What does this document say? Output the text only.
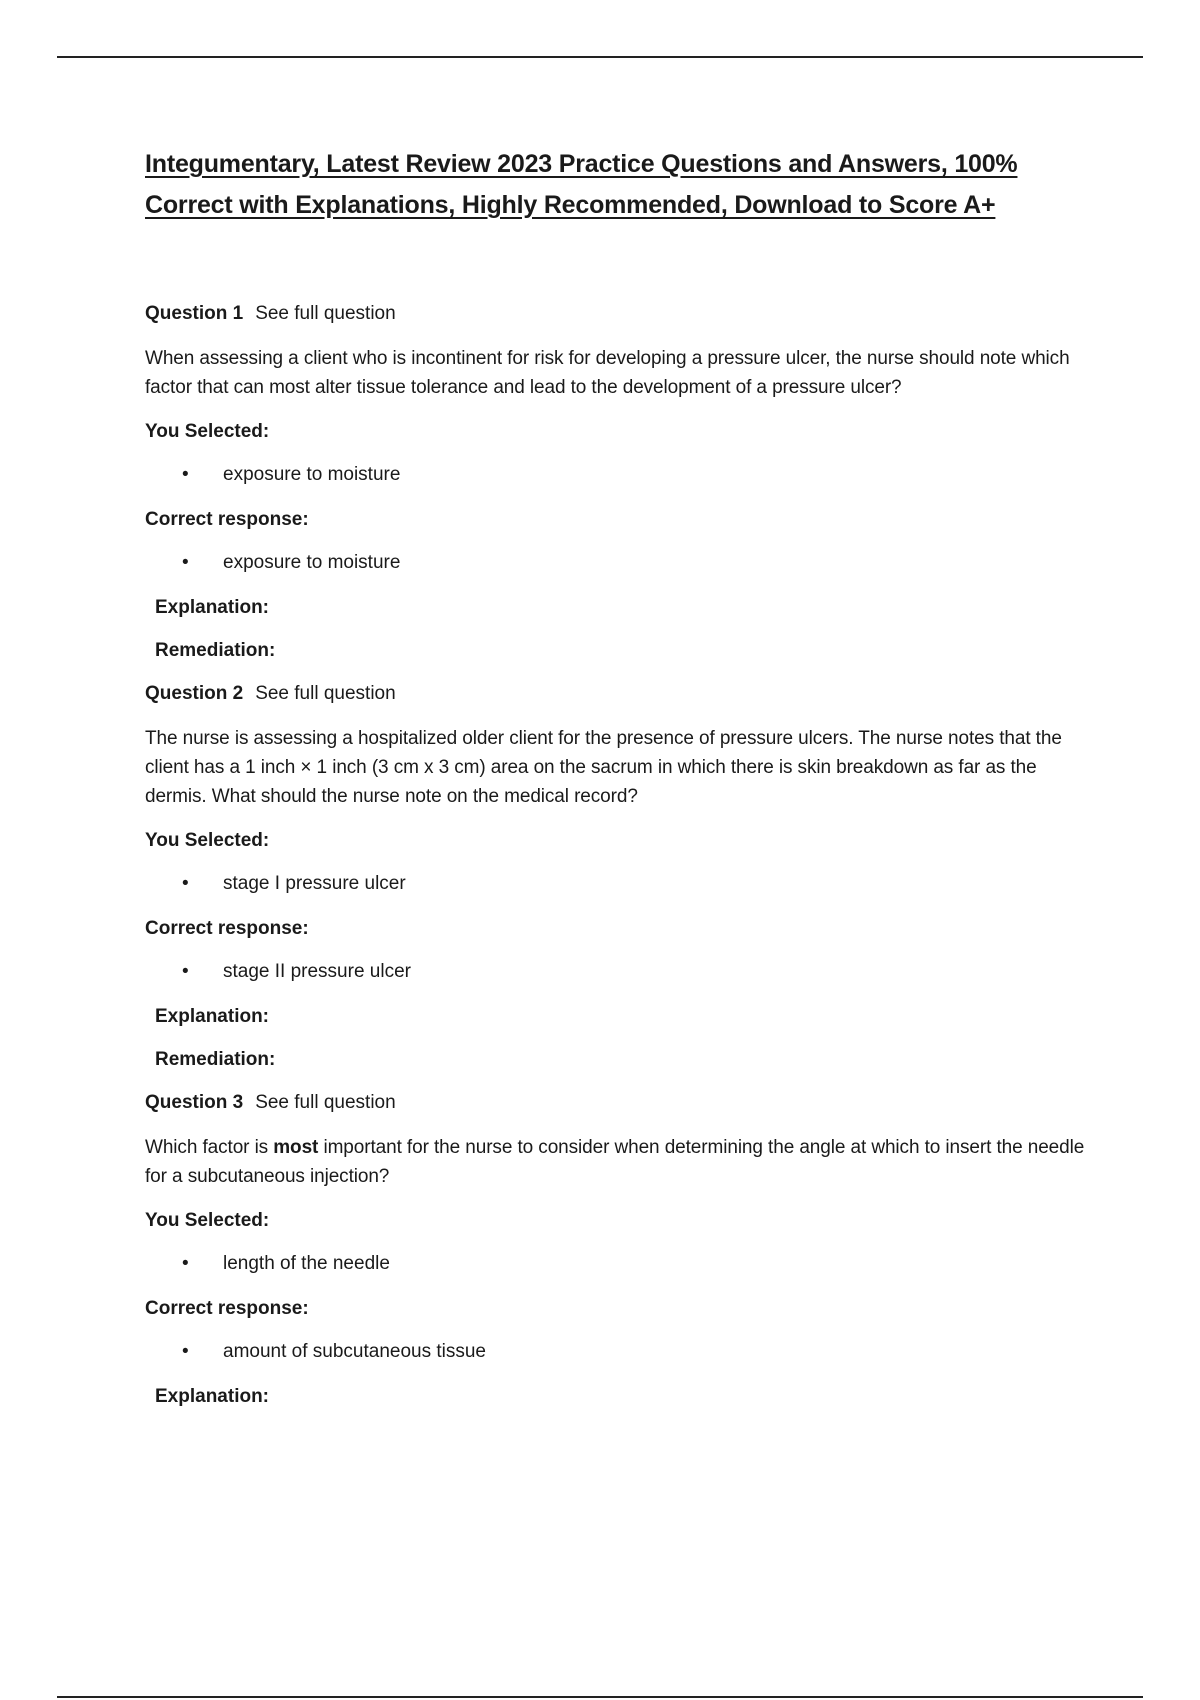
Integumentary, Latest Review 2023 Practice Questions and Answers, 100% Correct with Explanations, Highly Recommended, Download to Score A+

Question 1 See full question

When assessing a client who is incontinent for risk for developing a pressure ulcer, the nurse should note which factor that can most alter tissue tolerance and lead to the development of a pressure ulcer?

You Selected:

• exposure to moisture

Correct response:

• exposure to moisture

Explanation:

Remediation:

Question 2 See full question

The nurse is assessing a hospitalized older client for the presence of pressure ulcers. The nurse notes that the client has a 1 inch × 1 inch (3 cm x 3 cm) area on the sacrum in which there is skin breakdown as far as the dermis. What should the nurse note on the medical record?

You Selected:

• stage I pressure ulcer

Correct response:

• stage II pressure ulcer

Explanation:

Remediation:

Question 3 See full question

Which factor is most important for the nurse to consider when determining the angle at which to insert the needle for a subcutaneous injection?

You Selected:

• length of the needle

Correct response:

• amount of subcutaneous tissue

Explanation:
